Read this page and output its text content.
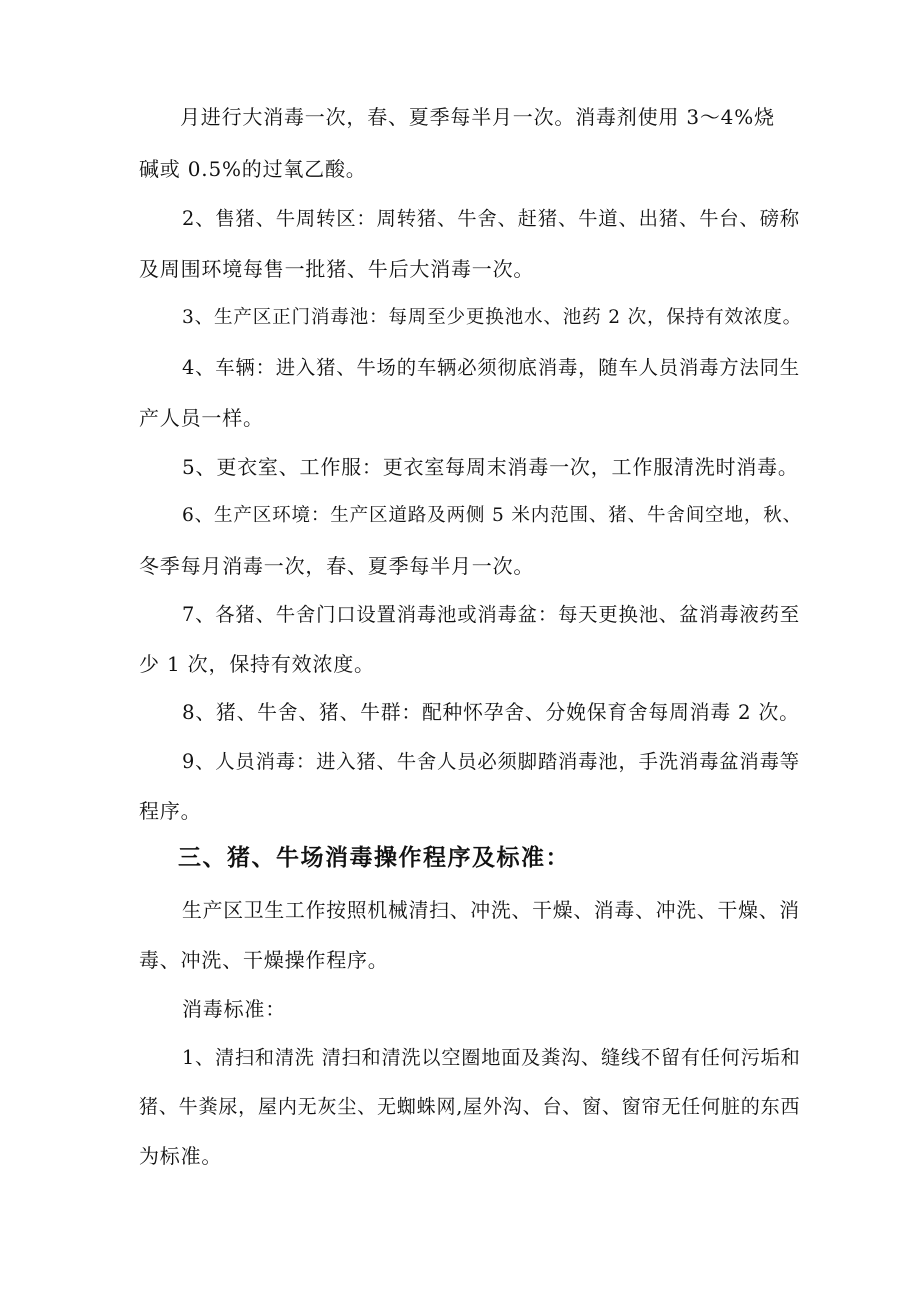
月进行大消毒一次，春、夏季每半月一次。消毒剂使用 3～4%烧
碱或 0.5%的过氧乙酸。
2、售猪、牛周转区：周转猪、牛舍、赶猪、牛道、出猪、牛台、磅称
及周围环境每售一批猪、牛后大消毒一次。
3、生产区正门消毒池：每周至少更换池水、池药 2 次，保持有效浓度。
4、车辆：进入猪、牛场的车辆必须彻底消毒，随车人员消毒方法同生
产人员一样。
5、更衣室、工作服：更衣室每周末消毒一次，工作服清洗时消毒。
6、生产区环境：生产区道路及两侧 5 米内范围、猪、牛舍间空地，秋、
冬季每月消毒一次，春、夏季每半月一次。
7、各猪、牛舍门口设置消毒池或消毒盆：每天更换池、盆消毒液药至
少 1 次，保持有效浓度。
8、猪、牛舍、猪、牛群：配种怀孕舍、分娩保育舍每周消毒 2 次。
9、人员消毒：进入猪、牛舍人员必须脚踏消毒池，手洗消毒盆消毒等
程序。
三、猪、牛场消毒操作程序及标准：
生产区卫生工作按照机械清扫、冲洗、干燥、消毒、冲洗、干燥、消
毒、冲洗、干燥操作程序。
消毒标准：
1、清扫和清洗 清扫和清洗以空圈地面及粪沟、缝线不留有任何污垢和
猪、牛粪尿，屋内无灰尘、无蜘蛛网,屋外沟、台、窗、窗帘无任何脏的东西
为标准。
